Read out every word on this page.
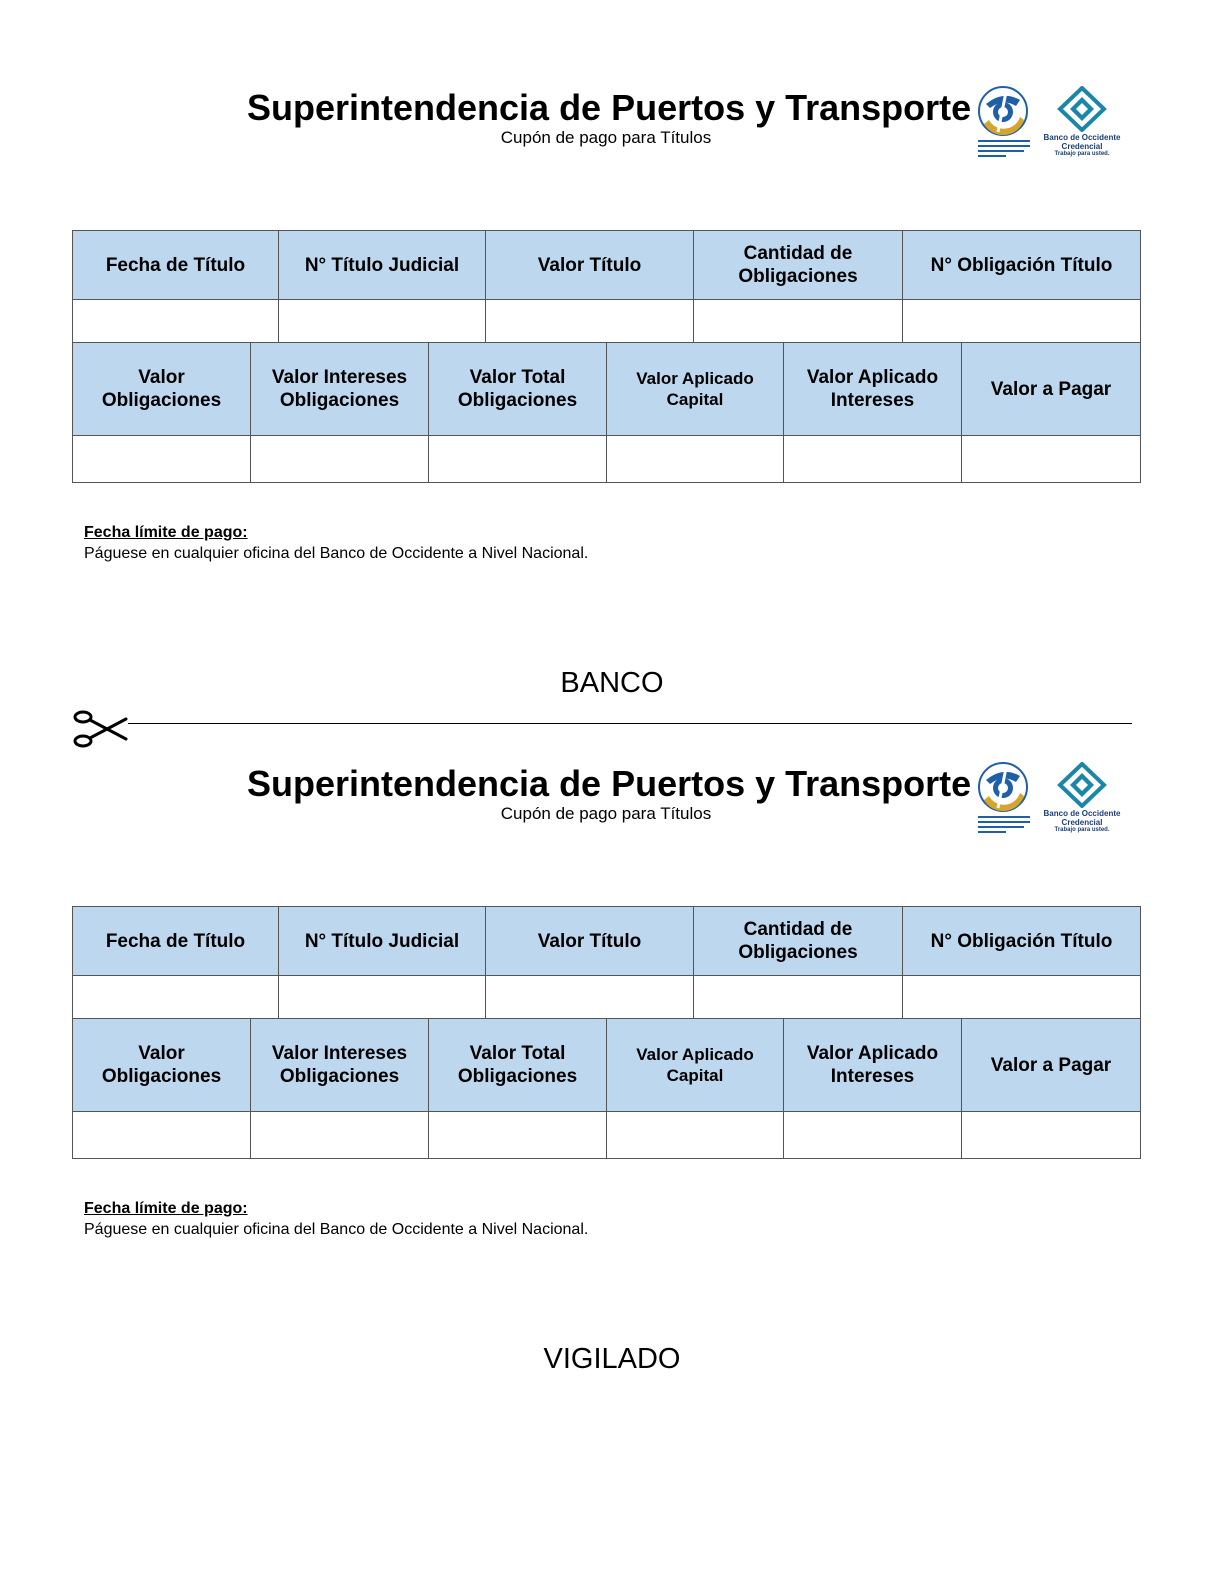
Superintendencia de Puertos y Transporte
Cupón de pago para Títulos	Banco de Occidente
Credencial
Trabajo para usted.
Fecha de Título	N° Título Judicial	Valor Título	Cantidad de Obligaciones	N° Obligación Título

Valor Obligaciones	Valor Intereses Obligaciones	Valor Total Obligaciones	Valor Aplicado Capital	Valor Aplicado Intereses	Valor a Pagar

Fecha límite de pago:
Páguese en cualquier oficina del Banco de Occidente a Nivel Nacional.
BANCO
Superintendencia de Puertos y Transporte
Cupón de pago para Títulos	Banco de Occidente
Credencial
Trabajo para usted.
Fecha de Título	N° Título Judicial	Valor Título	Cantidad de Obligaciones	N° Obligación Título

Valor Obligaciones	Valor Intereses Obligaciones	Valor Total Obligaciones	Valor Aplicado Capital	Valor Aplicado Intereses	Valor a Pagar

Fecha límite de pago:
Páguese en cualquier oficina del Banco de Occidente a Nivel Nacional.
VIGILADO
